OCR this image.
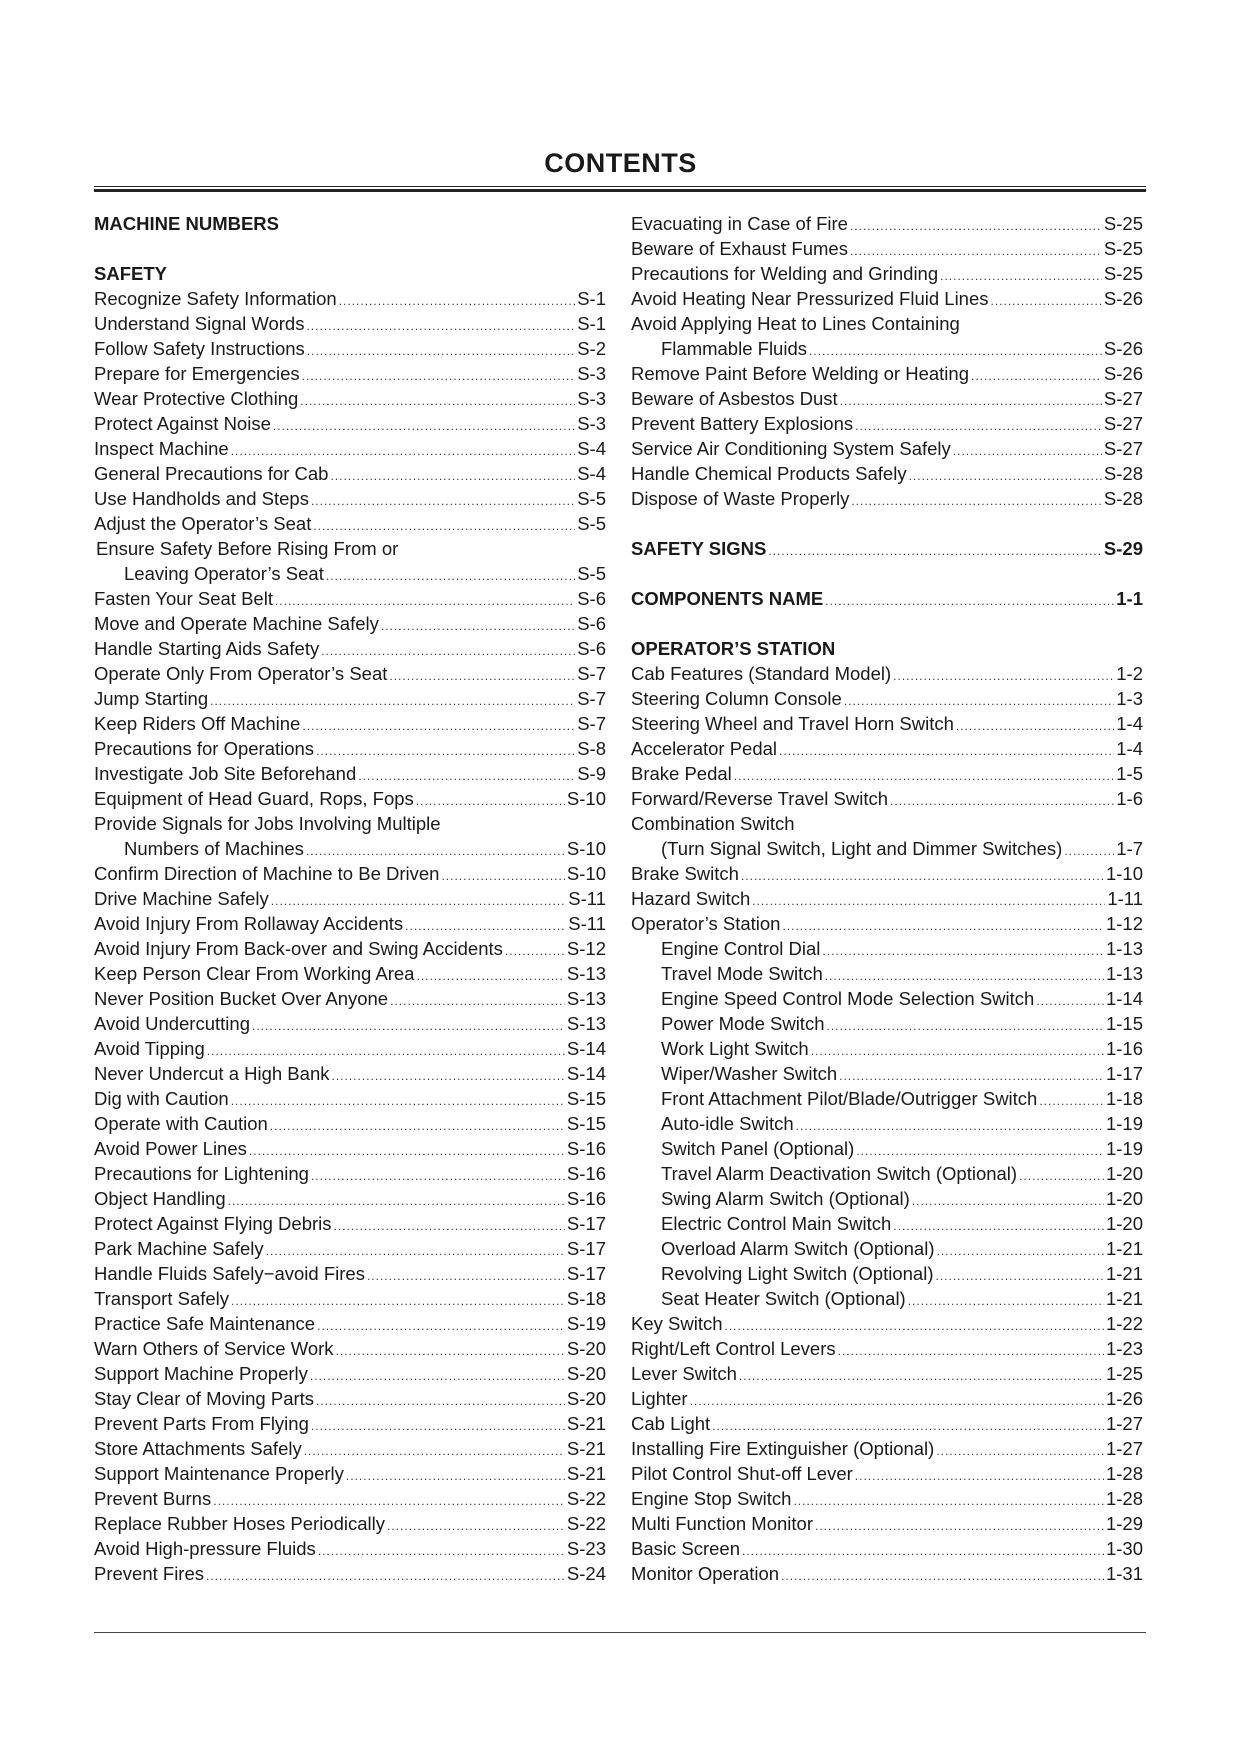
CONTENTS
MACHINE NUMBERS
SAFETY
Recognize Safety Information .....	S-1
Understand Signal Words .....	S-1
Follow Safety Instructions .....	S-2
Prepare for Emergencies .....	S-3
Wear Protective Clothing .....	S-3
Protect Against Noise .....	S-3
Inspect Machine .....	S-4
General Precautions for Cab .....	S-4
Use Handholds and Steps .....	S-5
Adjust the Operator’s Seat .....	S-5
Ensure Safety Before Rising From or
Leaving Operator’s Seat .....	S-5
Fasten Your Seat Belt .....	S-6
Move and Operate Machine Safely .....	S-6
Handle Starting Aids Safety .....	S-6
Operate Only From Operator’s Seat .....	S-7
Jump Starting .....	S-7
Keep Riders Off Machine .....	S-7
Precautions for Operations .....	S-8
Investigate Job Site Beforehand .....	S-9
Equipment of Head Guard, Rops, Fops .....	S-10
Provide Signals for Jobs Involving Multiple
Numbers of Machines .....	S-10
Confirm Direction of Machine to Be Driven .....	S-10
Drive Machine Safely .....	S-11
Avoid Injury From Rollaway Accidents .....	S-11
Avoid Injury From Back-over and Swing Accidents .....	S-12
Keep Person Clear From Working Area .....	S-13
Never Position Bucket Over Anyone .....	S-13
Avoid Undercutting .....	S-13
Avoid Tipping .....	S-14
Never Undercut a High Bank .....	S-14
Dig with Caution .....	S-15
Operate with Caution .....	S-15
Avoid Power Lines .....	S-16
Precautions for Lightening .....	S-16
Object Handling .....	S-16
Protect Against Flying Debris .....	S-17
Park Machine Safely .....	S-17
Handle Fluids Safely−avoid Fires .....	S-17
Transport Safely .....	S-18
Practice Safe Maintenance .....	S-19
Warn Others of Service Work .....	S-20
Support Machine Properly .....	S-20
Stay Clear of Moving Parts .....	S-20
Prevent Parts From Flying .....	S-21
Store Attachments Safely .....	S-21
Support Maintenance Properly .....	S-21
Prevent Burns .....	S-22
Replace Rubber Hoses Periodically .....	S-22
Avoid High-pressure Fluids .....	S-23
Prevent Fires .....	S-24
Evacuating in Case of Fire .....	S-25
Beware of Exhaust Fumes .....	S-25
Precautions for Welding and Grinding .....	S-25
Avoid Heating Near Pressurized Fluid Lines .....	S-26
Avoid Applying Heat to Lines Containing
Flammable Fluids .....	S-26
Remove Paint Before Welding or Heating .....	S-26
Beware of Asbestos Dust .....	S-27
Prevent Battery Explosions .....	S-27
Service Air Conditioning System Safely .....	S-27
Handle Chemical Products Safely .....	S-28
Dispose of Waste Properly .....	S-28
SAFETY SIGNS .....	S-29
COMPONENTS NAME .....	1-1
OPERATOR’S STATION
Cab Features (Standard Model) .....	1-2
Steering Column Console .....	1-3
Steering Wheel and Travel Horn Switch .....	1-4
Accelerator Pedal .....	1-4
Brake Pedal .....	1-5
Forward/Reverse Travel Switch .....	1-6
Combination Switch
(Turn Signal Switch, Light and Dimmer Switches) .....	1-7
Brake Switch .....	1-10
Hazard Switch .....	1-11
Operator’s Station .....	1-12
Engine Control Dial .....	1-13
Travel Mode Switch .....	1-13
Engine Speed Control Mode Selection Switch .....	1-14
Power Mode Switch .....	1-15
Work Light Switch .....	1-16
Wiper/Washer Switch .....	1-17
Front Attachment Pilot/Blade/Outrigger Switch .....	1-18
Auto-idle Switch .....	1-19
Switch Panel (Optional) .....	1-19
Travel Alarm Deactivation Switch (Optional) .....	1-20
Swing Alarm Switch (Optional) .....	1-20
Electric Control Main Switch .....	1-20
Overload Alarm Switch (Optional) .....	1-21
Revolving Light Switch (Optional) .....	1-21
Seat Heater Switch (Optional) .....	1-21
Key Switch .....	1-22
Right/Left Control Levers .....	1-23
Lever Switch .....	1-25
Lighter .....	1-26
Cab Light .....	1-27
Installing Fire Extinguisher (Optional) .....	1-27
Pilot Control Shut-off Lever .....	1-28
Engine Stop Switch .....	1-28
Multi Function Monitor .....	1-29
Basic Screen .....	1-30
Monitor Operation .....	1-31
